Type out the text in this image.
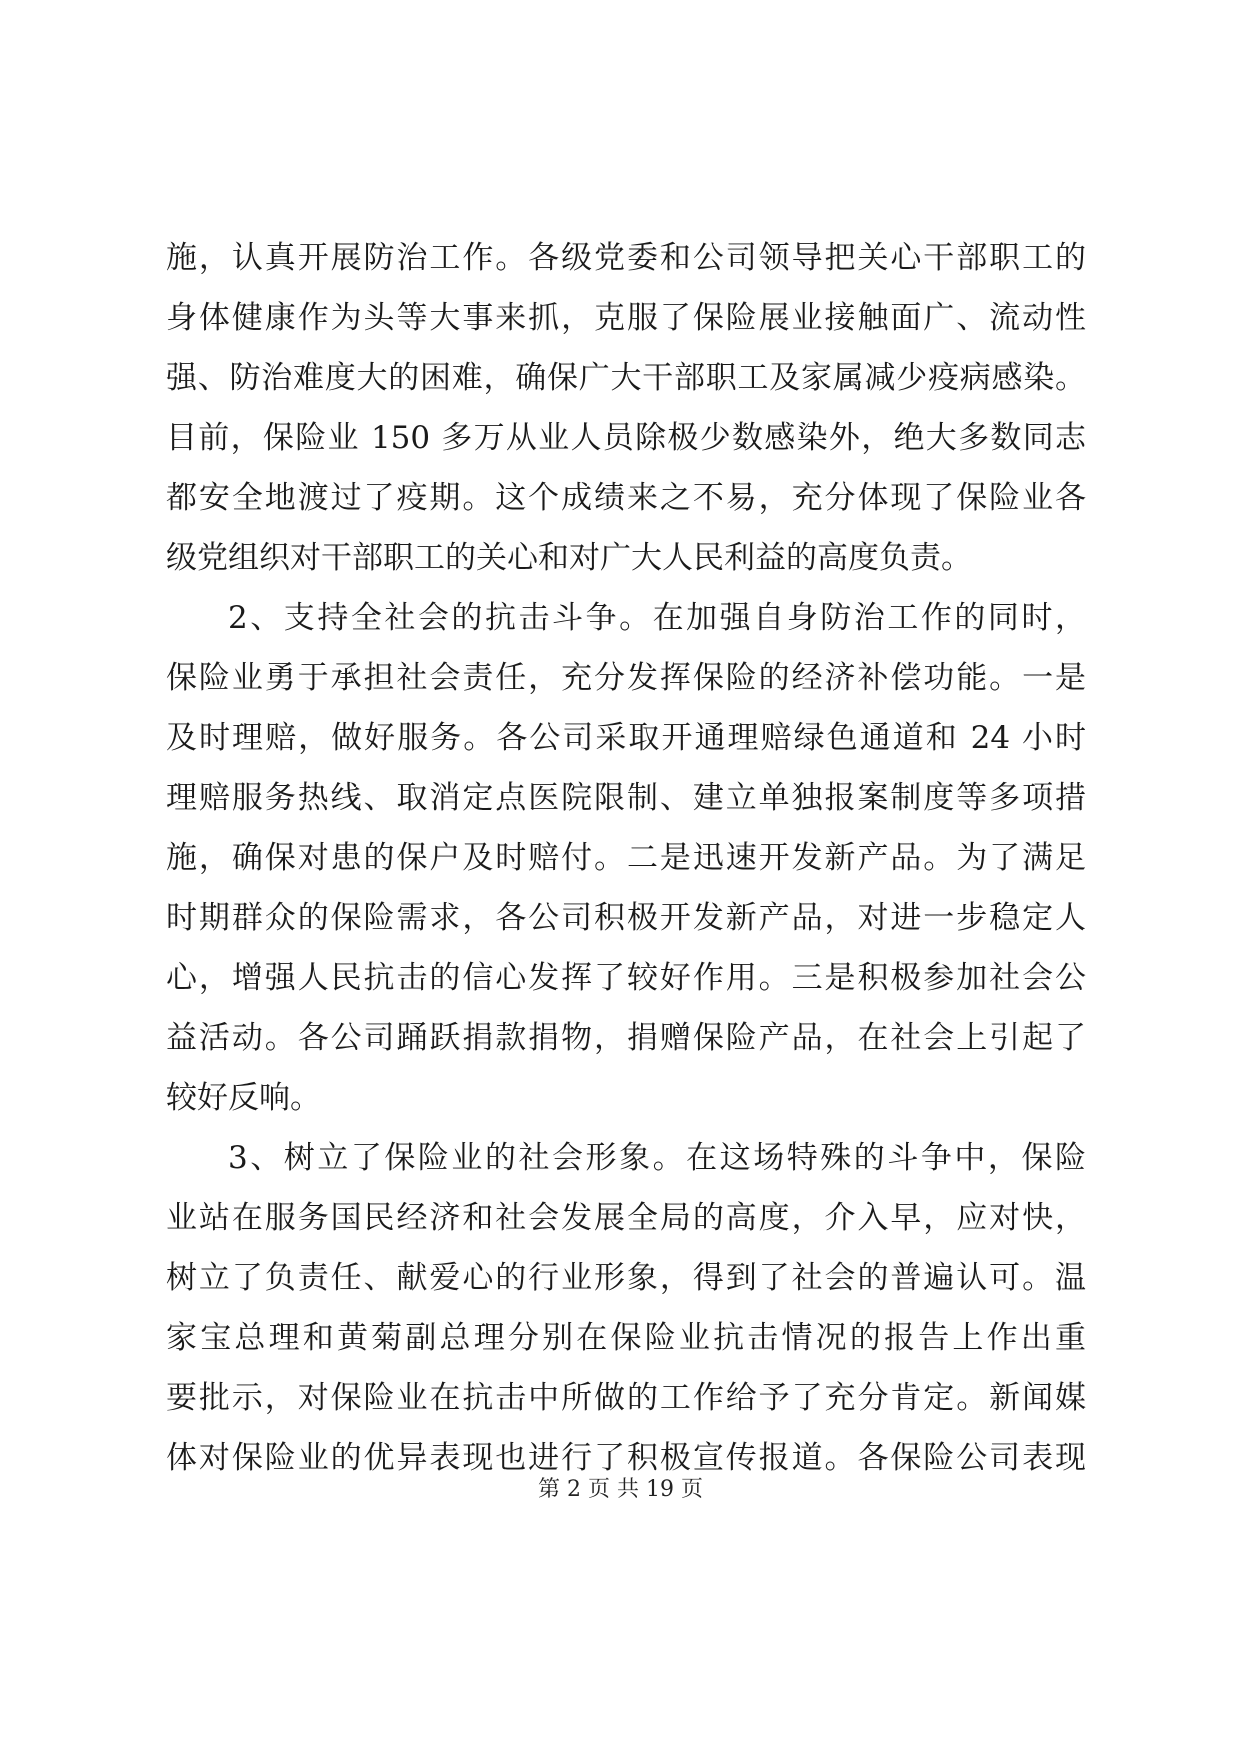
施，认真开展防治工作。各级党委和公司领导把关心干部职工的
身体健康作为头等大事来抓，克服了保险展业接触面广、流动性
强、防治难度大的困难，确保广大干部职工及家属减少疫病感染。
目前，保险业 150 多万从业人员除极少数感染外，绝大多数同志
都安全地渡过了疫期。这个成绩来之不易，充分体现了保险业各
级党组织对干部职工的关心和对广大人民利益的高度负责。
2、支持全社会的抗击斗争。在加强自身防治工作的同时，
保险业勇于承担社会责任，充分发挥保险的经济补偿功能。一是
及时理赔，做好服务。各公司采取开通理赔绿色通道和 24 小时
理赔服务热线、取消定点医院限制、建立单独报案制度等多项措
施，确保对患的保户及时赔付。二是迅速开发新产品。为了满足
时期群众的保险需求，各公司积极开发新产品，对进一步稳定人
心，增强人民抗击的信心发挥了较好作用。三是积极参加社会公
益活动。各公司踊跃捐款捐物，捐赠保险产品，在社会上引起了
较好反响。
3、树立了保险业的社会形象。在这场特殊的斗争中，保险
业站在服务国民经济和社会发展全局的高度，介入早，应对快，
树立了负责任、献爱心的行业形象，得到了社会的普遍认可。温
家宝总理和黄菊副总理分别在保险业抗击情况的报告上作出重
要批示，对保险业在抗击中所做的工作给予了充分肯定。新闻媒
体对保险业的优异表现也进行了积极宣传报道。各保险公司表现
第 2 页 共 19 页
